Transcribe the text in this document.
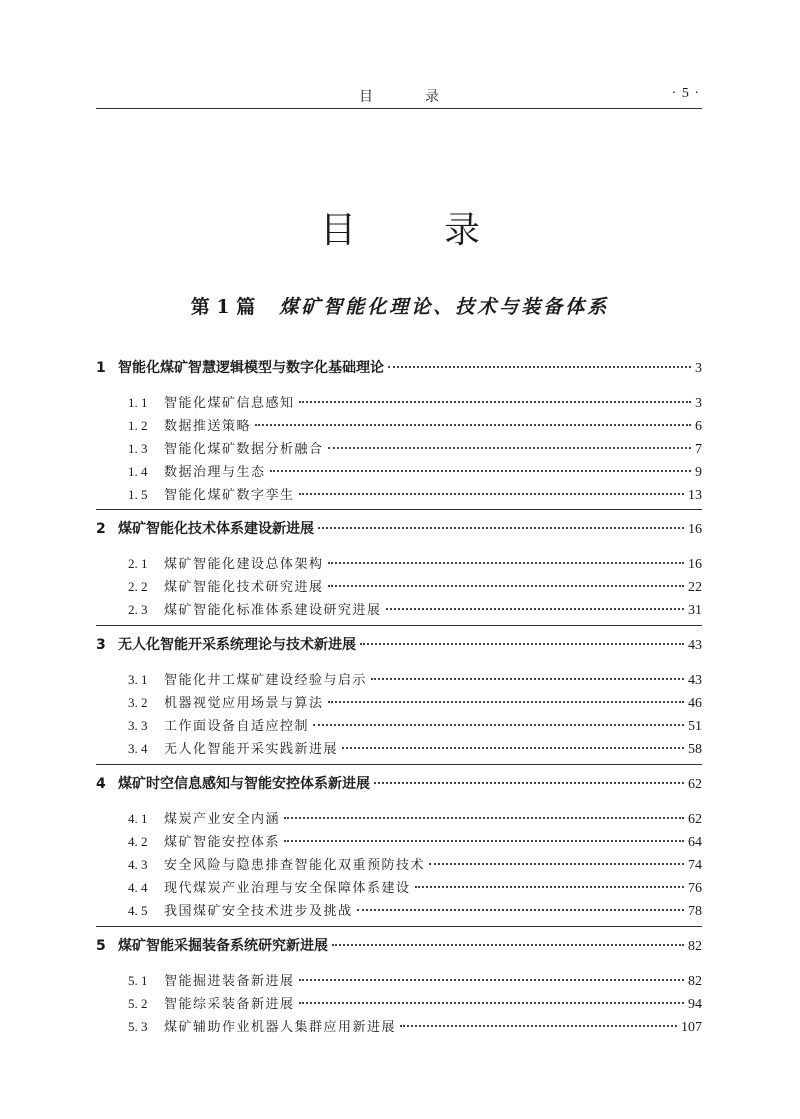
目录	· 5 ·
目录
第 1 篇 煤矿智能化理论、技术与装备体系
1 智能化煤矿智慧逻辑模型与数字化基础理论	3
1. 1	智能化煤矿信息感知	3
1. 2	数据推送策略	6
1. 3	智能化煤矿数据分析融合	7
1. 4	数据治理与生态	9
1. 5	智能化煤矿数字孪生	13
2 煤矿智能化技术体系建设新进展	16
2. 1	煤矿智能化建设总体架构	16
2. 2	煤矿智能化技术研究进展	22
2. 3	煤矿智能化标准体系建设研究进展	31
3 无人化智能开采系统理论与技术新进展	43
3. 1	智能化井工煤矿建设经验与启示	43
3. 2	机器视觉应用场景与算法	46
3. 3	工作面设备自适应控制	51
3. 4	无人化智能开采实践新进展	58
4 煤矿时空信息感知与智能安控体系新进展	62
4. 1	煤炭产业安全内涵	62
4. 2	煤矿智能安控体系	64
4. 3	安全风险与隐患排查智能化双重预防技术	74
4. 4	现代煤炭产业治理与安全保障体系建设	76
4. 5	我国煤矿安全技术进步及挑战	78
5 煤矿智能采掘装备系统研究新进展	82
5. 1	智能掘进装备新进展	82
5. 2	智能综采装备新进展	94
5. 3	煤矿辅助作业机器人集群应用新进展	107
